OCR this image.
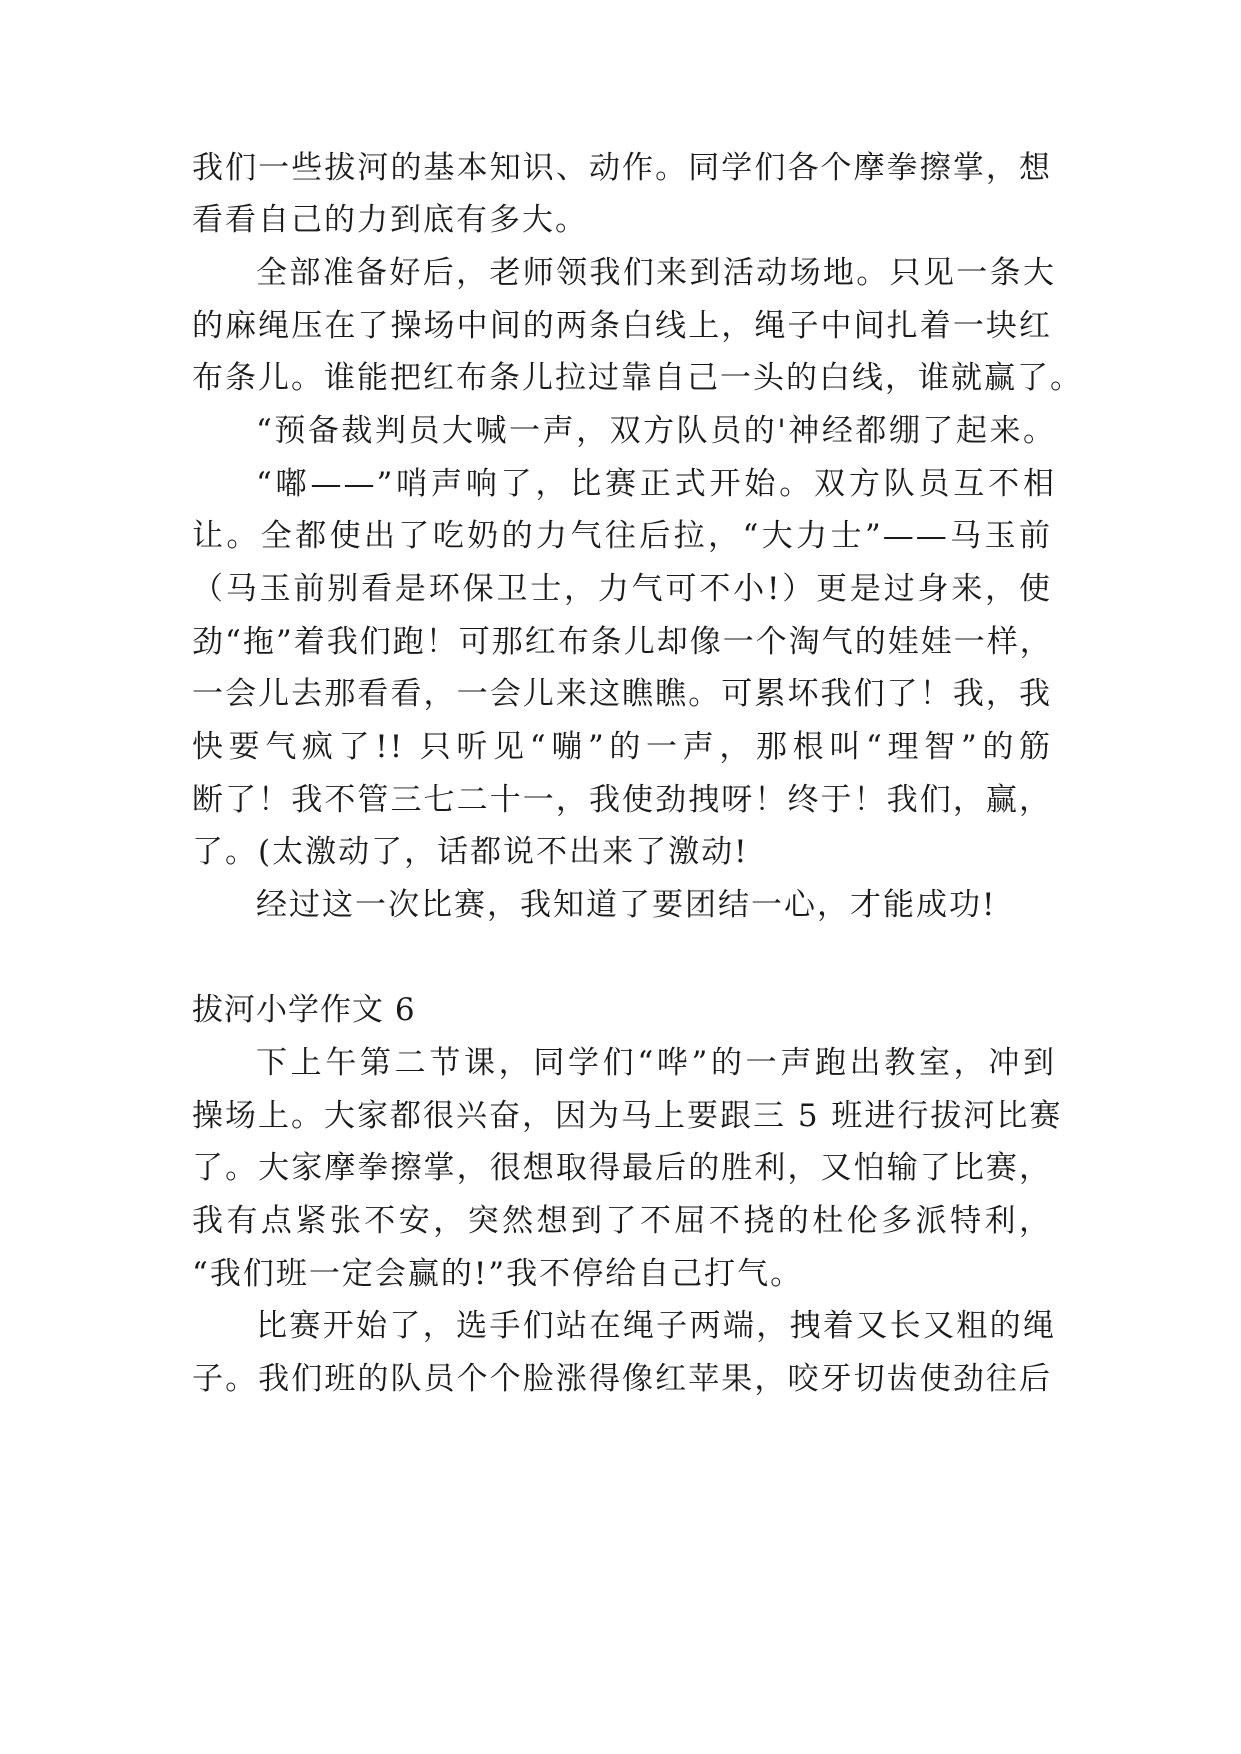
我们一些拔河的基本知识、动作。同学们各个摩拳擦掌，想
看看自己的力到底有多大。
全部准备好后，老师领我们来到活动场地。只见一条大
的麻绳压在了操场中间的两条白线上，绳子中间扎着一块红
布条儿。谁能把红布条儿拉过靠自己一头的白线，谁就赢了。
“预备裁判员大喊一声，双方队员的'神经都绷了起来。
“嘟——”哨声响了，比赛正式开始。双方队员互不相
让。全都使出了吃奶的力气往后拉，“大力士”——马玉前
（马玉前别看是环保卫士，力气可不小!）更是过身来，使
劲“拖”着我们跑！可那红布条儿却像一个淘气的娃娃一样，
一会儿去那看看，一会儿来这瞧瞧。可累坏我们了！我，我
快要气疯了!! 只听见“嘣”的一声，那根叫“理智”的筋
断了！我不管三七二十一，我使劲拽呀！终于！我们，赢，
了。(太激动了，话都说不出来了激动!
经过这一次比赛，我知道了要团结一心，才能成功!
拔河小学作文 6
下上午第二节课，同学们“哗”的一声跑出教室，冲到
操场上。大家都很兴奋，因为马上要跟三 5 班进行拔河比赛
了。大家摩拳擦掌，很想取得最后的胜利，又怕输了比赛，
我有点紧张不安，突然想到了不屈不挠的杜伦多派特利，
“我们班一定会赢的!”我不停给自己打气。
比赛开始了，选手们站在绳子两端，拽着又长又粗的绳
子。我们班的队员个个脸涨得像红苹果，咬牙切齿使劲往后
